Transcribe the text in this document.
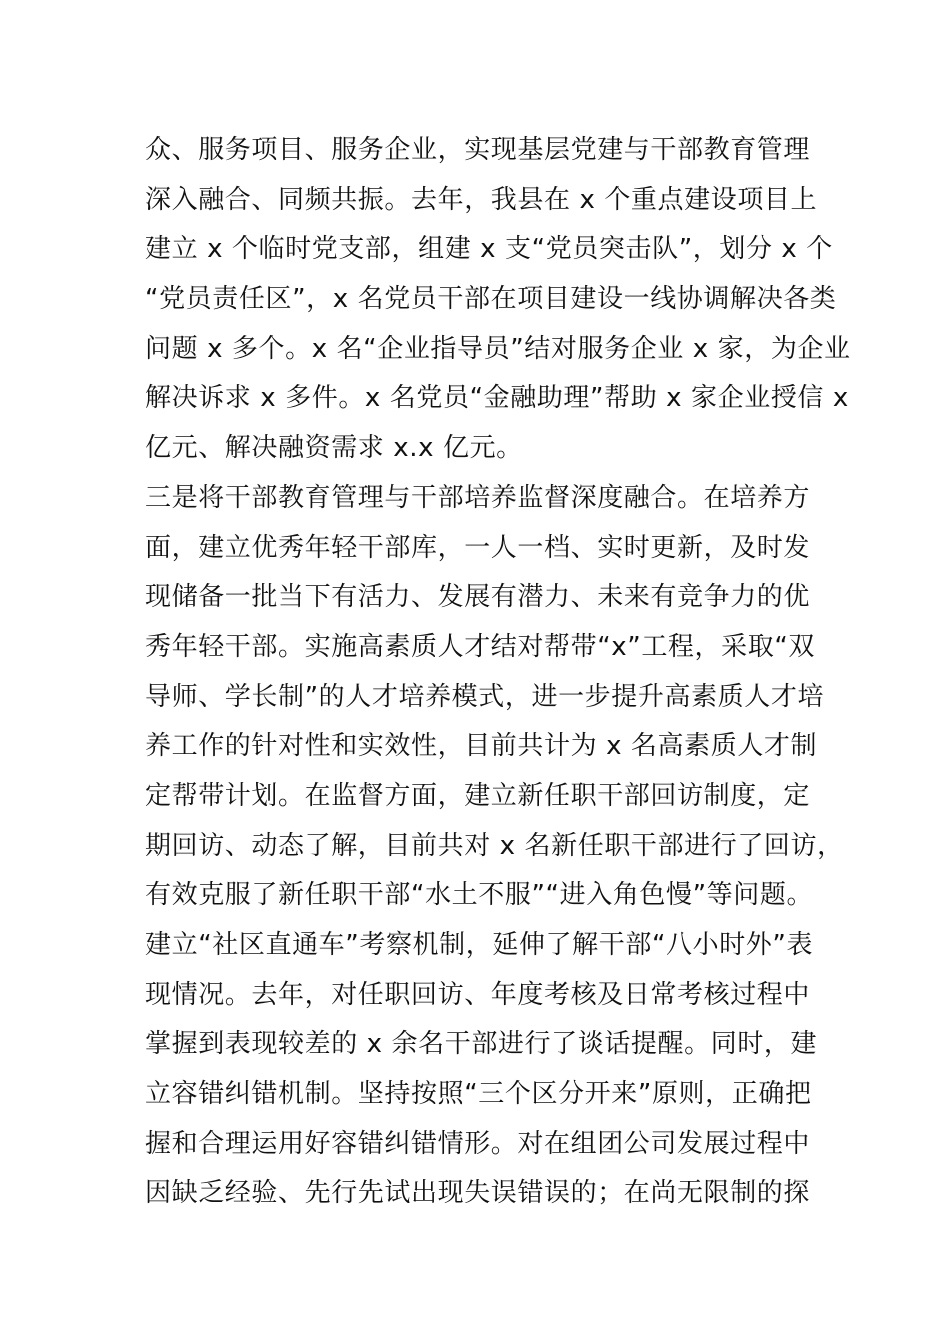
众、服务项目、服务企业，实现基层党建与干部教育管理
深入融合、同频共振。去年，我县在 x 个重点建设项目上
建立 x 个临时党支部，组建 x 支“党员突击队”，划分 x 个
“党员责任区”，x 名党员干部在项目建设一线协调解决各类
问题 x 多个。x 名“企业指导员”结对服务企业 x 家，为企业
解决诉求 x 多件。x 名党员“金融助理”帮助 x 家企业授信 x
亿元、解决融资需求 x.x 亿元。
三是将干部教育管理与干部培养监督深度融合。在培养方
面，建立优秀年轻干部库，一人一档、实时更新，及时发
现储备一批当下有活力、发展有潜力、未来有竞争力的优
秀年轻干部。实施高素质人才结对帮带“x”工程，采取“双
导师、学长制”的人才培养模式，进一步提升高素质人才培
养工作的针对性和实效性，目前共计为 x 名高素质人才制
定帮带计划。在监督方面，建立新任职干部回访制度，定
期回访、动态了解，目前共对 x 名新任职干部进行了回访，
有效克服了新任职干部“水土不服”“进入角色慢”等问题。
建立“社区直通车”考察机制，延伸了解干部“八小时外”表
现情况。去年，对任职回访、年度考核及日常考核过程中
掌握到表现较差的 x 余名干部进行了谈话提醒。同时，建
立容错纠错机制。坚持按照“三个区分开来”原则，正确把
握和合理运用好容错纠错情形。对在组团公司发展过程中
因缺乏经验、先行先试出现失误错误的；在尚无限制的探
